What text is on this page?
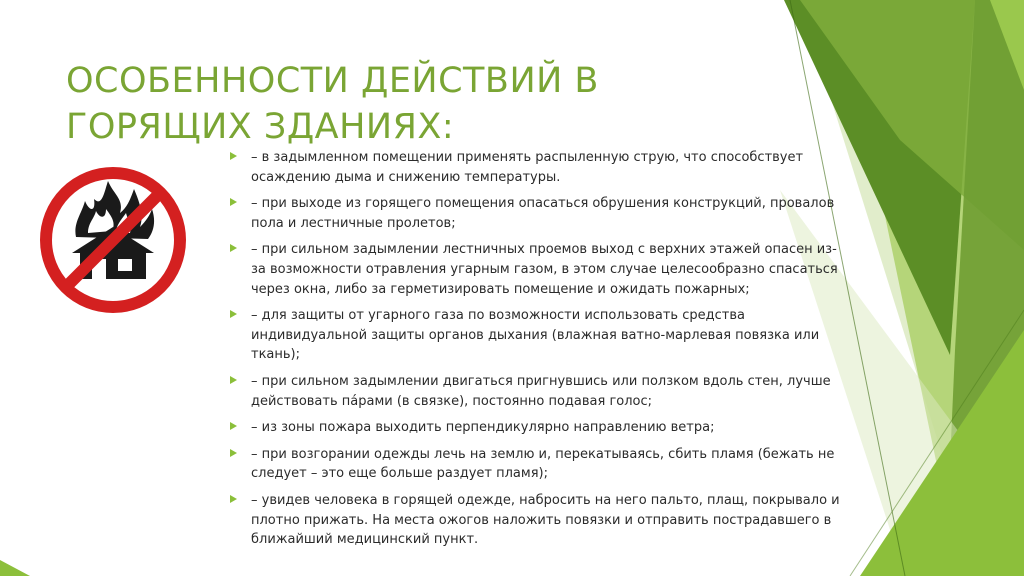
ОСОБЕННОСТИ ДЕЙСТВИЙ В ГОРЯЩИХ ЗДАНИЯХ:
– в задымленном помещении применять распыленную струю, что способствует осаждению дыма и снижению температуры.
– при выходе из горящего помещения опасаться обрушения конструкций, провалов пола и лестничные пролетов;
– при сильном задымлении лестничных проемов выход с верхних этажей опасен из-за возможности отравления угарным газом, в этом случае целесообразно спасаться через окна, либо за герметизировать помещение и ожидать пожарных;
– для защиты от угарного газа по возможности использовать средства индивидуальной защиты органов дыхания (влажная ватно-марлевая повязка или ткань);
– при сильном задымлении двигаться пригнувшись или ползком вдоль стен, лучше действовать па́рами (в связке), постоянно подавая голос;
– из зоны пожара выходить перпендикулярно направлению ветра;
– при возгорании одежды лечь на землю и, перекатываясь, сбить пламя (бежать не следует – это еще больше раздует пламя);
– увидев человека в горящей одежде, набросить на него пальто, плащ, покрывало и плотно прижать. На места ожогов наложить повязки и отправить пострадавшего в ближайший медицинский пункт.
